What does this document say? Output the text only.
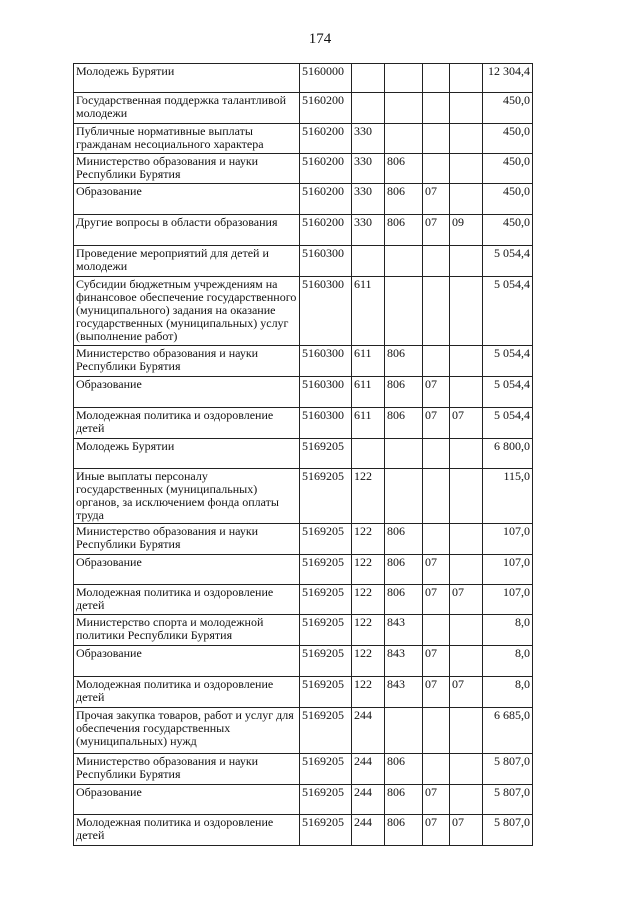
174
Молодежь Бурятии	5160000					12 304,4
Государственная поддержка талантливой молодежи	5160200					450,0
Публичные нормативные выплаты гражданам несоциального характера	5160200	330				450,0
Министерство образования и науки Республики Бурятия	5160200	330	806			450,0
Образование	5160200	330	806	07		450,0
Другие вопросы в области образования	5160200	330	806	07	09	450,0
Проведение мероприятий для детей и молодежи	5160300					5 054,4
Субсидии бюджетным учреждениям на финансовое обеспечение государственного (муниципального) задания на оказание государственных (муниципальных) услуг (выполнение работ)	5160300	611				5 054,4
Министерство образования и науки Республики Бурятия	5160300	611	806			5 054,4
Образование	5160300	611	806	07		5 054,4
Молодежная политика и оздоровление детей	5160300	611	806	07	07	5 054,4
Молодежь Бурятии	5169205					6 800,0
Иные выплаты персоналу государственных (муниципальных) органов, за исключением фонда оплаты труда	5169205	122				115,0
Министерство образования и науки Республики Бурятия	5169205	122	806			107,0
Образование	5169205	122	806	07		107,0
Молодежная политика и оздоровление детей	5169205	122	806	07	07	107,0
Министерство спорта и молодежной политики Республики Бурятия	5169205	122	843			8,0
Образование	5169205	122	843	07		8,0
Молодежная политика и оздоровление детей	5169205	122	843	07	07	8,0
Прочая закупка товаров, работ и услуг для обеспечения государственных (муниципальных) нужд	5169205	244				6 685,0
Министерство образования и науки Республики Бурятия	5169205	244	806			5 807,0
Образование	5169205	244	806	07		5 807,0
Молодежная политика и оздоровление детей	5169205	244	806	07	07	5 807,0
